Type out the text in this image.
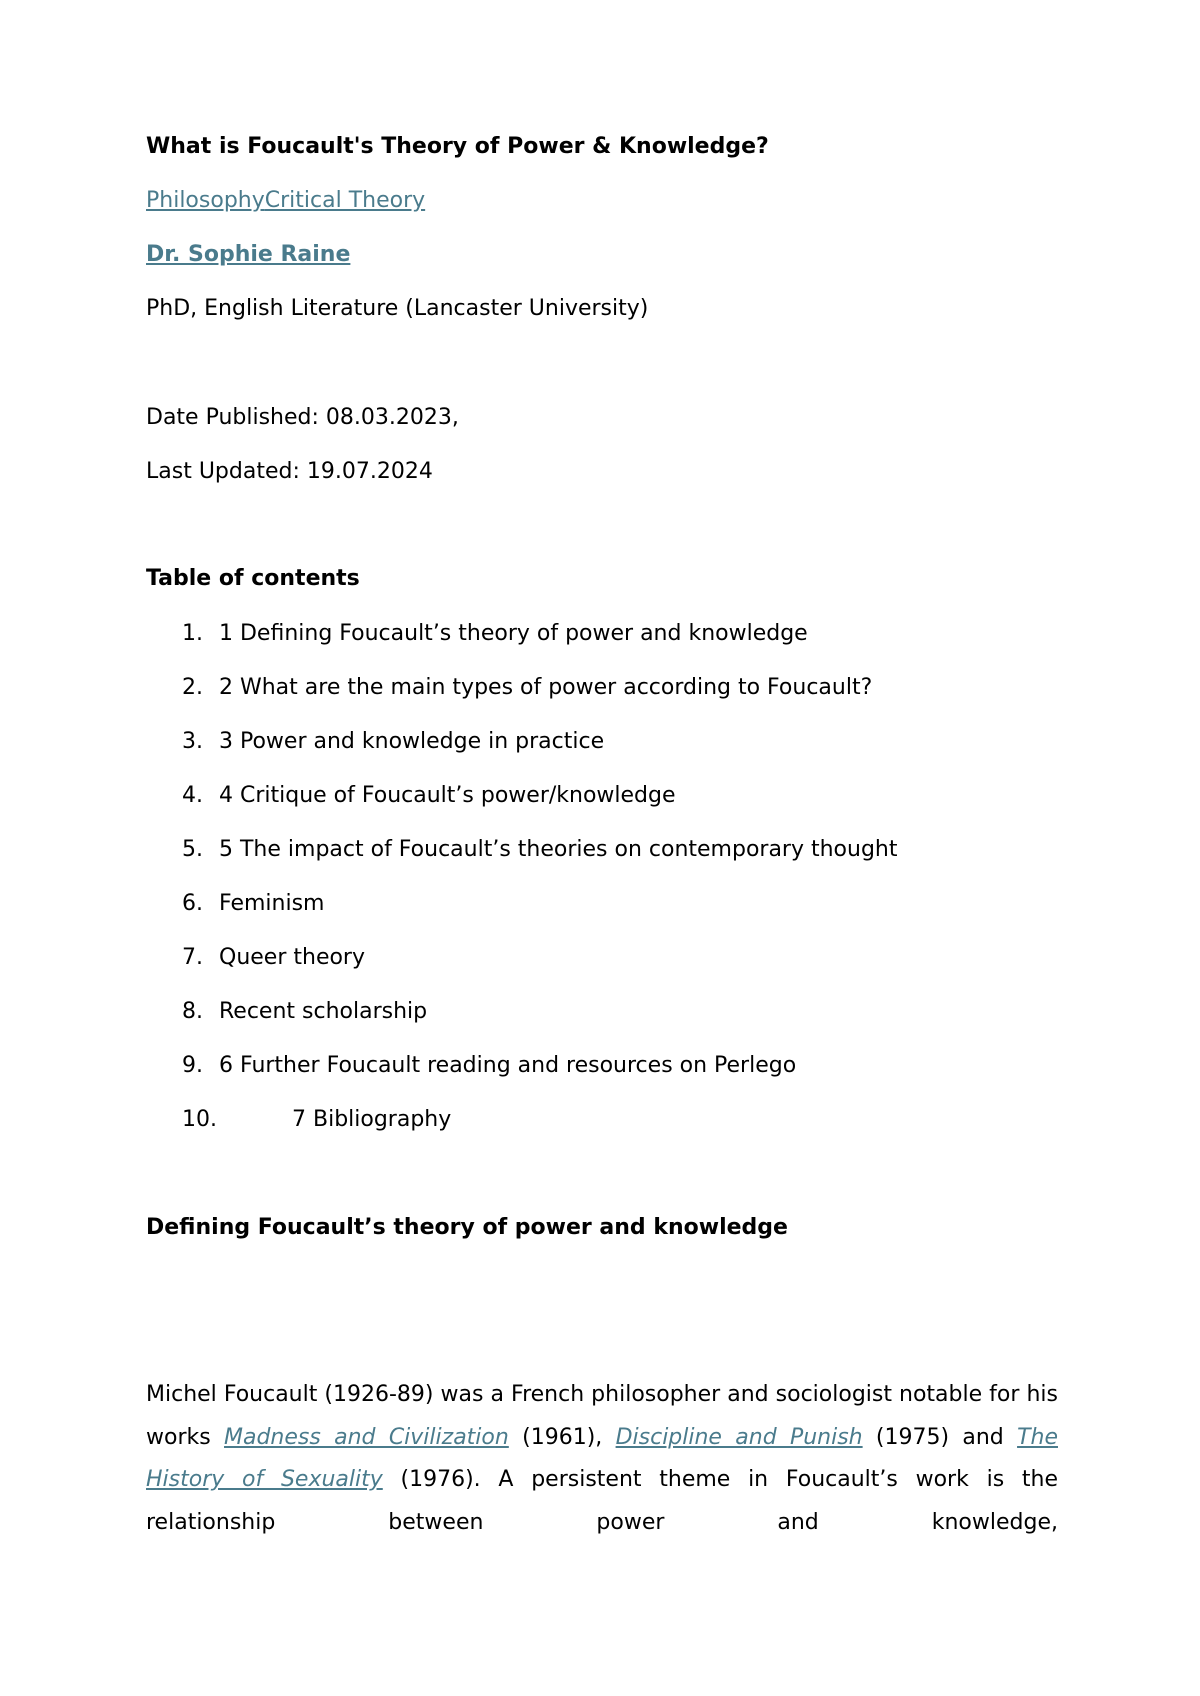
What is Foucault's Theory of Power & Knowledge?
PhilosophyCritical Theory
Dr. Sophie Raine
PhD, English Literature (Lancaster University)
Date Published: 08.03.2023,
Last Updated: 19.07.2024
Table of contents
1. 1 Defining Foucault’s theory of power and knowledge
2. 2 What are the main types of power according to Foucault?
3. 3 Power and knowledge in practice
4. 4 Critique of Foucault’s power/knowledge
5. 5 The impact of Foucault’s theories on contemporary thought
6. Feminism
7. Queer theory
8. Recent scholarship
9. 6 Further Foucault reading and resources on Perlego
10.	7 Bibliography
Defining Foucault’s theory of power and knowledge
Michel Foucault (1926-89) was a French philosopher and sociologist notable for his works Madness and Civilization (1961), Discipline and Punish (1975) and The History of Sexuality (1976). A persistent theme in Foucault’s work is the relationship between power and knowledge,
